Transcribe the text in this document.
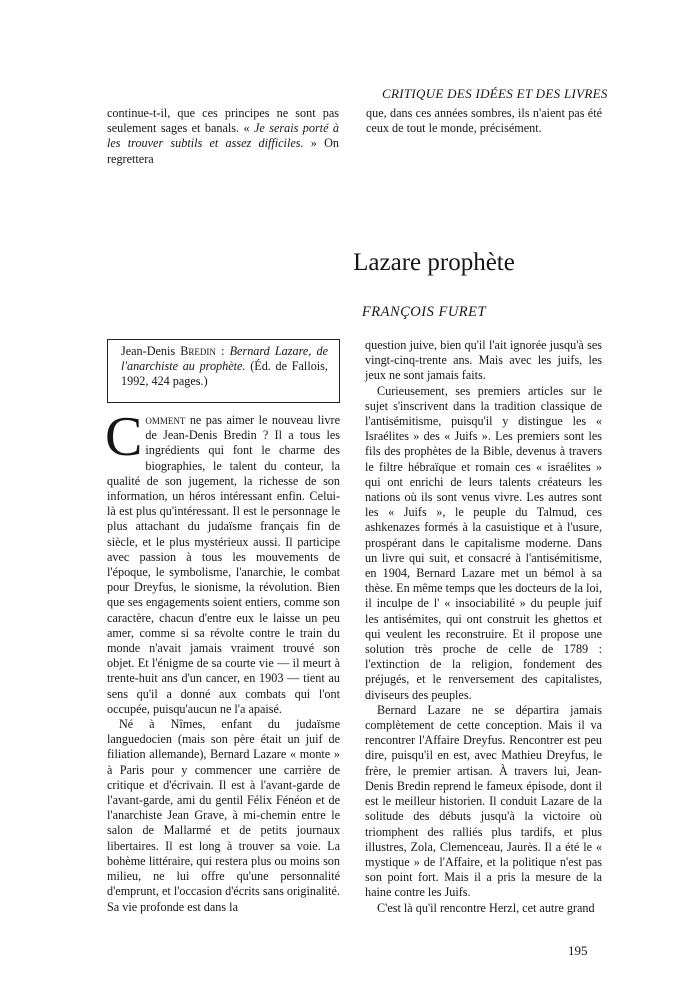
CRITIQUE DES IDÉES ET DES LIVRES
continue-t-il, que ces principes ne sont pas seulement sages et banals. « Je serais porté à les trouver subtils et assez difficiles. » On regrettera
que, dans ces années sombres, ils n'aient pas été ceux de tout le monde, précisément.
Lazare prophète
FRANÇOIS FURET
Jean-Denis Bredin : Bernard Lazare, de l'anarchiste au prophète. (Éd. de Fallois, 1992, 424 pages.)

Comment ne pas aimer le nouveau livre de Jean-Denis Bredin ? Il a tous les ingrédients qui font le charme des biographies, le talent du conteur, la qualité de son jugement, la richesse de son information, un héros intéressant enfin. Celui-là est plus qu'intéressant. Il est le personnage le plus attachant du judaïsme français fin de siècle, et le plus mystérieux aussi. Il participe avec passion à tous les mouvements de l'époque, le symbolisme, l'anarchie, le combat pour Dreyfus, le sionisme, la révolution. Bien que ses engagements soient entiers, comme son caractère, chacun d'entre eux le laisse un peu amer, comme si sa révolte contre le train du monde n'avait jamais vraiment trouvé son objet. Et l'énigme de sa courte vie — il meurt à trente-huit ans d'un cancer, en 1903 — tient au sens qu'il a donné aux combats qui l'ont occupée, puisqu'aucun ne l'a apaisé.

Né à Nîmes, enfant du judaïsme languedocien (mais son père était un juif de filiation allemande), Bernard Lazare « monte » à Paris pour y commencer une carrière de critique et d'écrivain. Il est à l'avant-garde de l'avant-garde, ami du gentil Félix Fénéon et de l'anarchiste Jean Grave, à mi-chemin entre le salon de Mallarmé et de petits journaux libertaires. Il est long à trouver sa voie. La bohème littéraire, qui restera plus ou moins son milieu, ne lui offre qu'une personnalité d'emprunt, et l'occasion d'écrits sans originalité. Sa vie profonde est dans la

question juive, bien qu'il l'ait ignorée jusqu'à ses vingt-cinq-trente ans. Mais avec les juifs, les jeux ne sont jamais faits.

Curieusement, ses premiers articles sur le sujet s'inscrivent dans la tradition classique de l'antisémitisme, puisqu'il y distingue les « Israélites » des « Juifs ». Les premiers sont les fils des prophètes de la Bible, devenus à travers le filtre hébraïque et romain ces « israélites » qui ont enrichi de leurs talents créateurs les nations où ils sont venus vivre. Les autres sont les « Juifs », le peuple du Talmud, ces ashkenazes formés à la casuistique et à l'usure, prospérant dans le capitalisme moderne. Dans un livre qui suit, et consacré à l'antisémitisme, en 1904, Bernard Lazare met un bémol à sa thèse. En même temps que les docteurs de la loi, il inculpe de l' « insociabilité » du peuple juif les antisémites, qui ont construit les ghettos et qui veulent les reconstruire. Et il propose une solution très proche de celle de 1789 : l'extinction de la religion, fondement des préjugés, et le renversement des capitalistes, diviseurs des peuples.

Bernard Lazare ne se départira jamais complètement de cette conception. Mais il va rencontrer l'Affaire Dreyfus. Rencontrer est peu dire, puisqu'il en est, avec Mathieu Dreyfus, le frère, le premier artisan. À travers lui, Jean-Denis Bredin reprend le fameux épisode, dont il est le meilleur historien. Il conduit Lazare de la solitude des débuts jusqu'à la victoire où triomphent des ralliés plus tardifs, et plus illustres, Zola, Clemenceau, Jaurès. Il a été le « mystique » de l'Affaire, et la politique n'est pas son point fort. Mais il a pris la mesure de la haine contre les Juifs.

C'est là qu'il rencontre Herzl, cet autre grand

195
